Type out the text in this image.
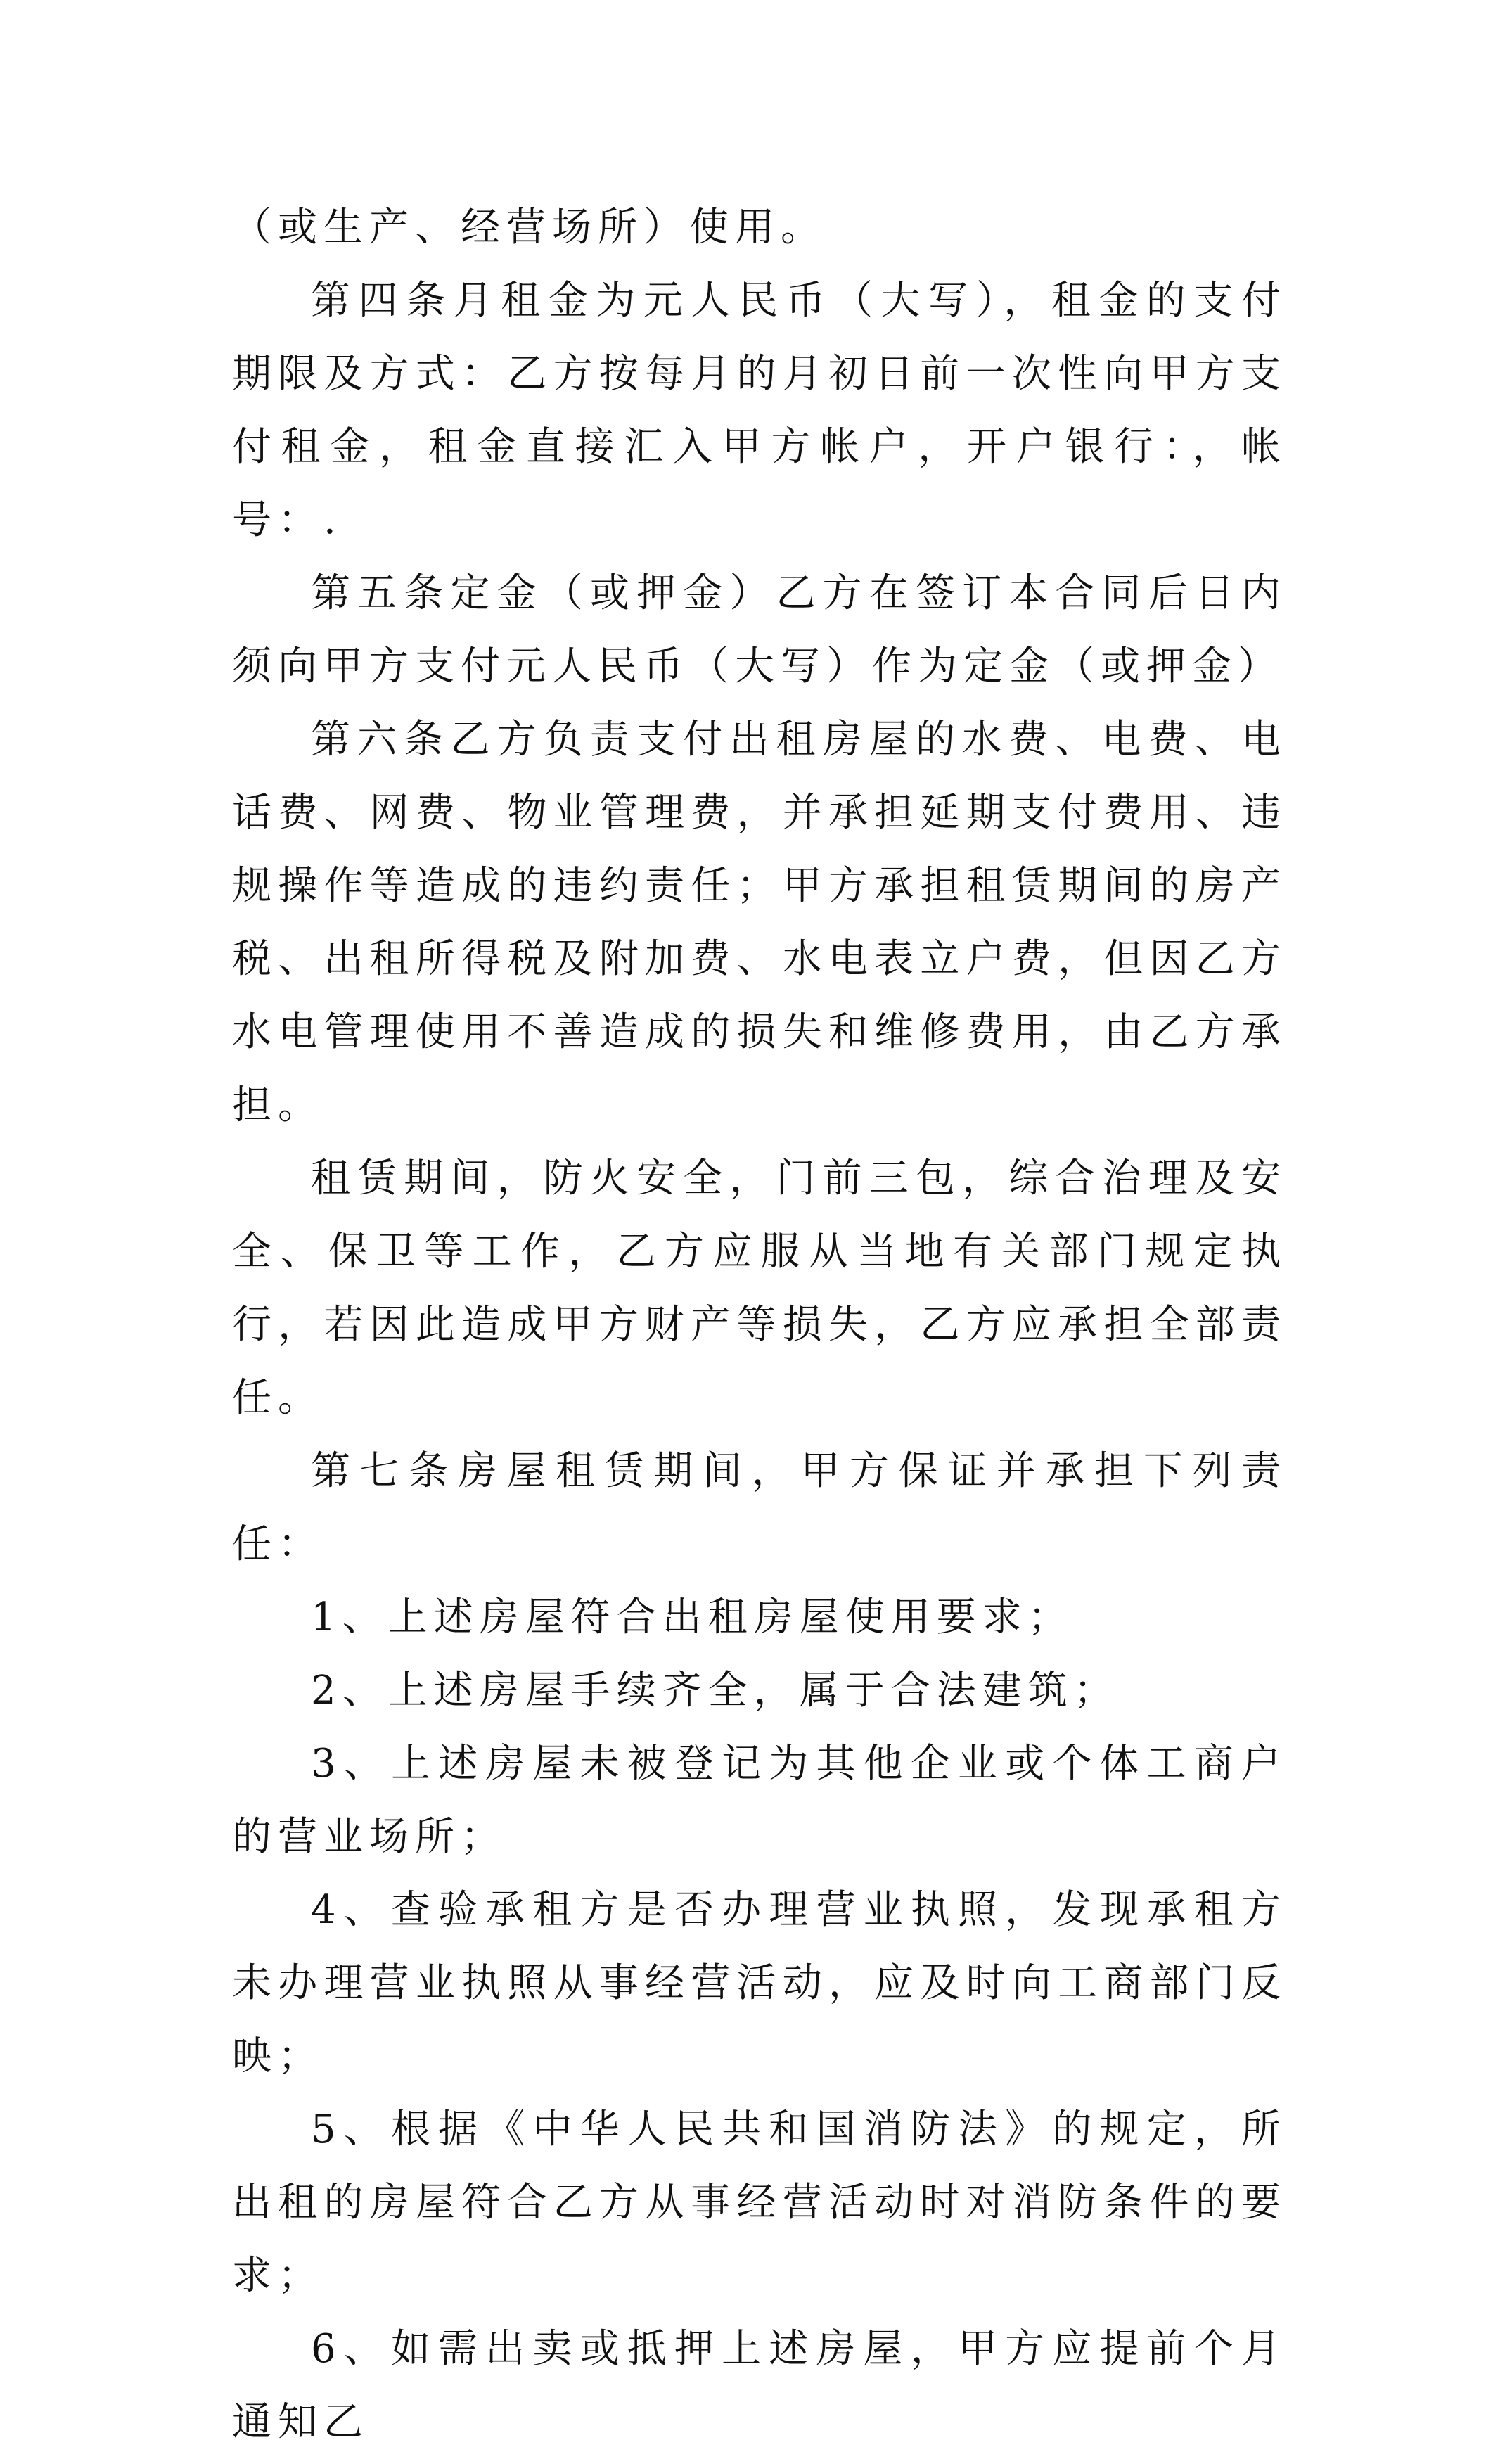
（或生产、经营场所）使用。

第四条月租金为元人民币（大写），租金的支付期限及方式：乙方按每月的月初日前一次性向甲方支付租金，租金直接汇入甲方帐户，开户银行：，帐号：.

第五条定金（或押金）乙方在签订本合同后日内须向甲方支付元人民币（大写）作为定金（或押金）

第六条乙方负责支付出租房屋的水费、电费、电话费、网费、物业管理费，并承担延期支付费用、违规操作等造成的违约责任；甲方承担租赁期间的房产税、出租所得税及附加费、水电表立户费，但因乙方水电管理使用不善造成的损失和维修费用，由乙方承担。

租赁期间，防火安全，门前三包，综合治理及安全、保卫等工作，乙方应服从当地有关部门规定执行，若因此造成甲方财产等损失，乙方应承担全部责任。

第七条房屋租赁期间，甲方保证并承担下列责任：

1、上述房屋符合出租房屋使用要求；

2、上述房屋手续齐全，属于合法建筑；

3、上述房屋未被登记为其他企业或个体工商户的营业场所；

4、查验承租方是否办理营业执照，发现承租方未办理营业执照从事经营活动，应及时向工商部门反映；

5、根据《中华人民共和国消防法》的规定，所出租的房屋符合乙方从事经营活动时对消防条件的要求；

6、如需出卖或抵押上述房屋，甲方应提前个月通知乙
